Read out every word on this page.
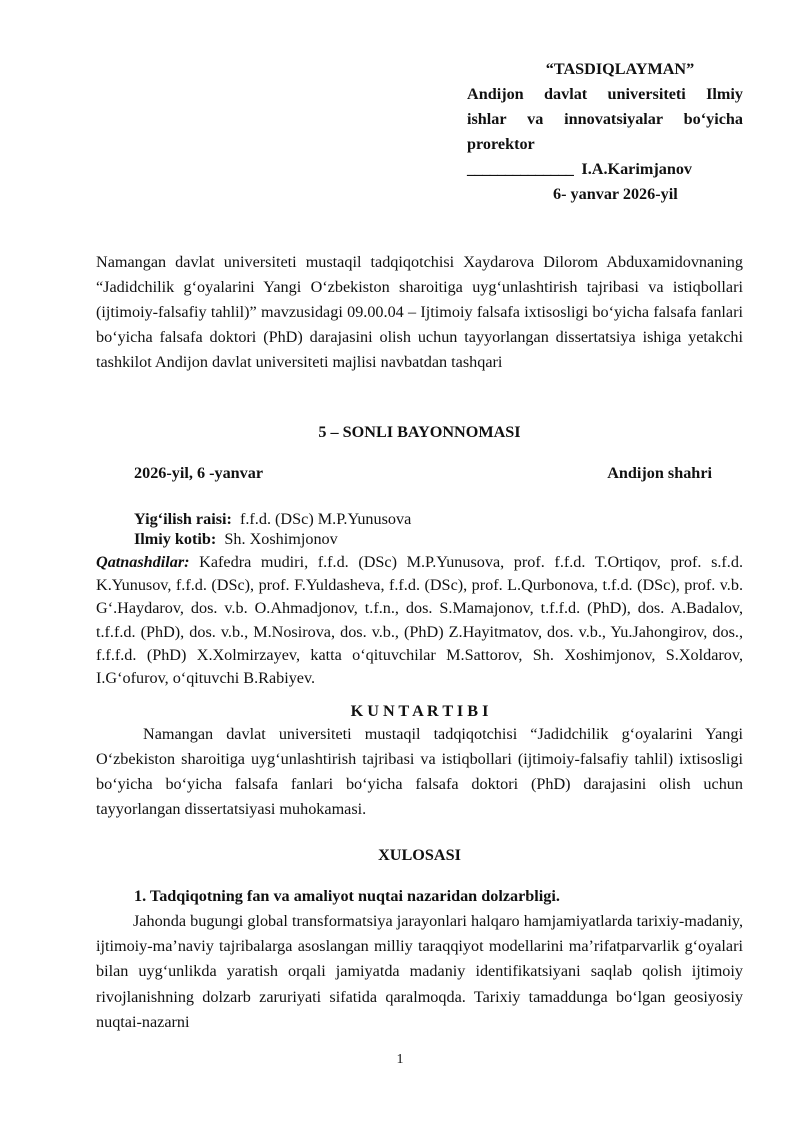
“TASDIQLAYMAN”
Andijon davlat universiteti Ilmiy
ishlar va innovatsiyalar bo‘yicha
prorektor
______________ I.A.Karimjanov
6- yanvar 2026-yil
Namangan davlat universiteti mustaqil tadqiqotchisi Xaydarova Dilorom Abduxamidovnaning “Jadidchilik g‘oyalarini Yangi O‘zbekiston sharoitiga uyg‘unlashtirish tajribasi va istiqbollari (ijtimoiy-falsafiy tahlil)” mavzusidagi 09.00.04 – Ijtimoiy falsafa ixtisosligi bo‘yicha falsafa fanlari bo‘yicha falsafa doktori (PhD) darajasini olish uchun tayyorlangan dissertatsiya ishiga yetakchi tashkilot Andijon davlat universiteti majlisi navbatdan tashqari
5 – SONLI BAYONNOMASI
2026-yil, 6 -yanvar	Andijon shahri
Yig‘ilish raisi: f.f.d. (DSc) M.P.Yunusova
Ilmiy kotib: Sh. Xoshimjonov
Qatnashdilar: Kafedra mudiri, f.f.d. (DSc) M.P.Yunusova, prof. f.f.d. T.Ortiqov, prof. s.f.d. K.Yunusov, f.f.d. (DSc), prof. F.Yuldasheva, f.f.d. (DSc), prof. L.Qurbonova, t.f.d. (DSc), prof. v.b. G‘.Haydarov, dos. v.b. O.Ahmadjonov, t.f.n., dos. S.Mamajonov, t.f.f.d. (PhD), dos. A.Badalov, t.f.f.d. (PhD), dos. v.b., M.Nosirova, dos. v.b., (PhD) Z.Hayitmatov, dos. v.b., Yu.Jahongirov, dos., f.f.f.d. (PhD) X.Xolmirzayev, katta o‘qituvchilar M.Sattorov, Sh. Xoshimjonov, S.Xoldarov, I.G‘ofurov, o‘qituvchi B.Rabiyev.
K U N T A R T I B I
Namangan davlat universiteti mustaqil tadqiqotchisi “Jadidchilik g‘oyalarini Yangi O‘zbekiston sharoitiga uyg‘unlashtirish tajribasi va istiqbollari (ijtimoiy-falsafiy tahlil) ixtisosligi bo‘yicha bo‘yicha falsafa fanlari bo‘yicha falsafa doktori (PhD) darajasini olish uchun tayyorlangan dissertatsiyasi muhokamasi.
XULOSASI
1. Tadqiqotning fan va amaliyot nuqtai nazaridan dolzarbligi.
Jahonda bugungi global transformatsiya jarayonlari halqaro hamjamiyatlarda tarixiy-madaniy, ijtimoiy-ma’naviy tajribalarga asoslangan milliy taraqqiyot modellarini ma’rifatparvarlik g‘oyalari bilan uyg‘unlikda yaratish orqali jamiyatda madaniy identifikatsiyani saqlab qolish ijtimoiy rivojlanishning dolzarb zaruriyati sifatida qaralmoqda. Tarixiy tamaddunga bo‘lgan geosiyosiy nuqtai-nazarni
1
